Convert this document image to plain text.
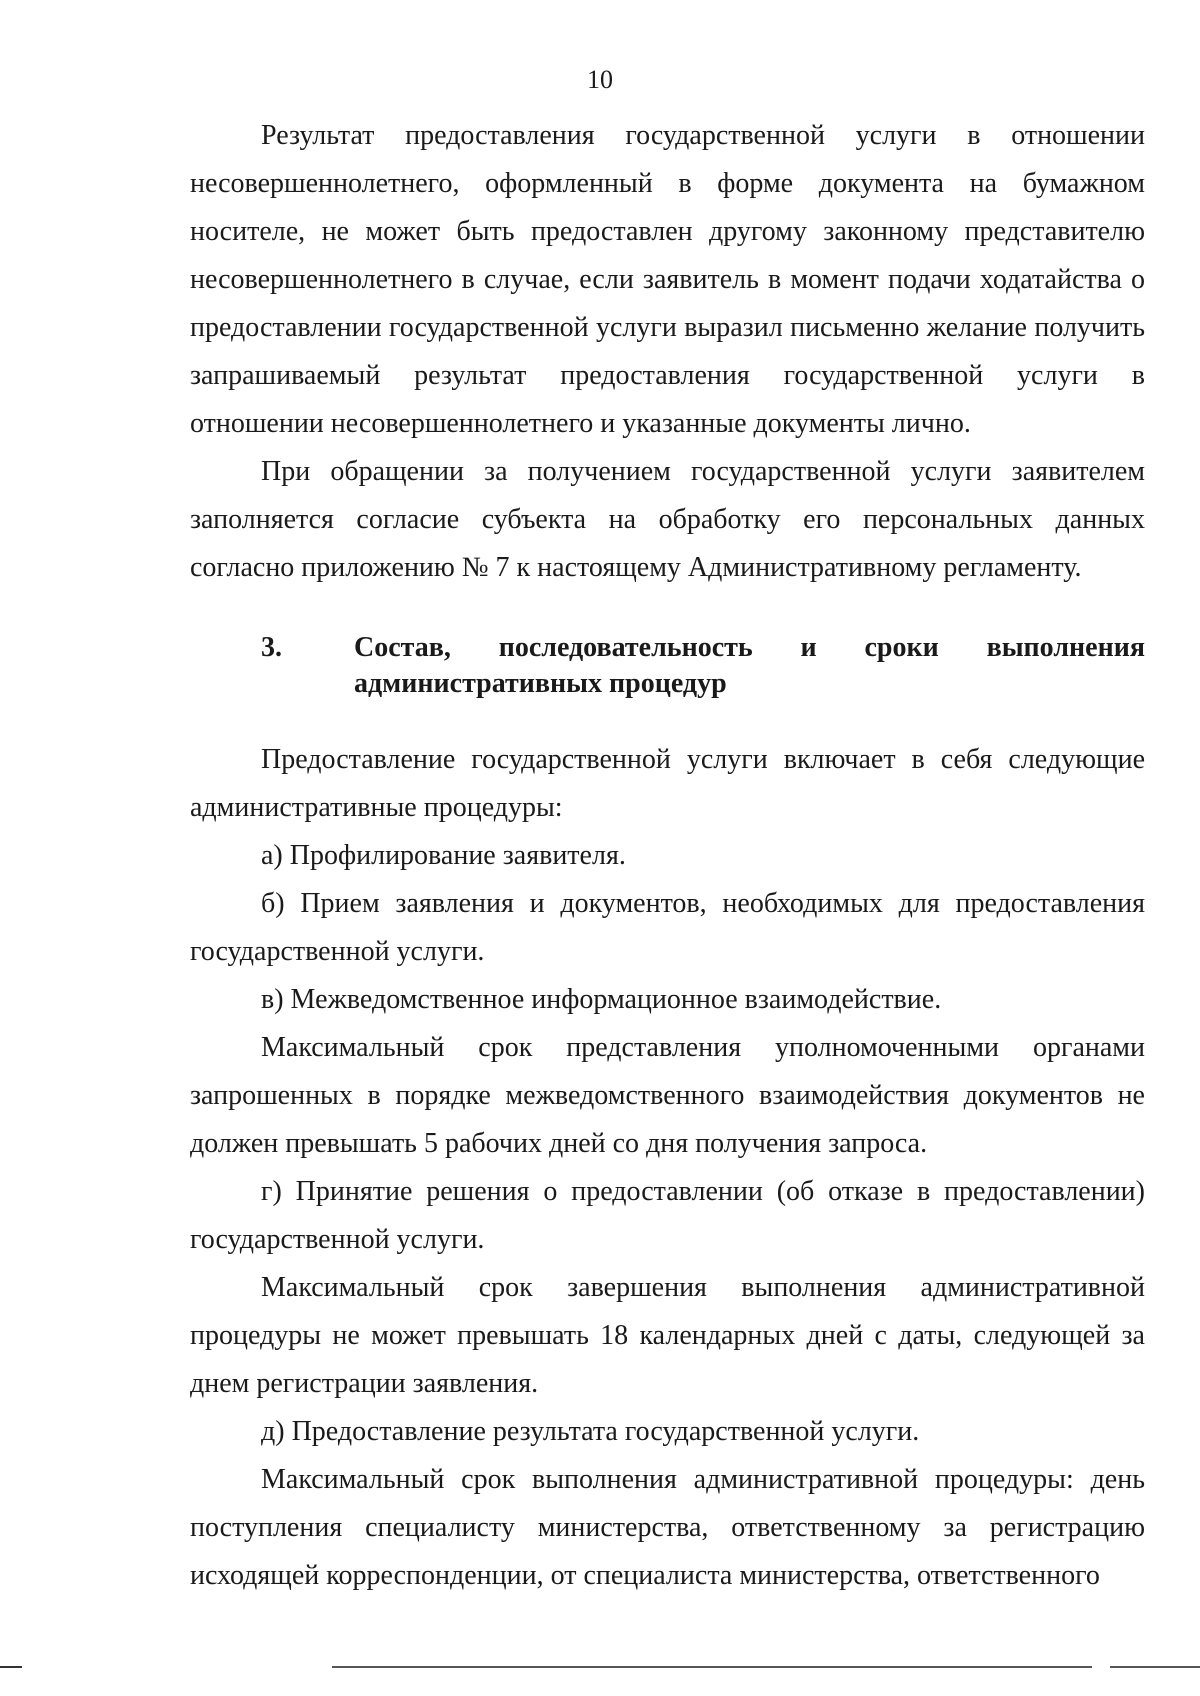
10

Результат предоставления государственной услуги в отношении несовершеннолетнего, оформленный в форме документа на бумажном носителе, не может быть предоставлен другому законному представителю несовершеннолетнего в случае, если заявитель в момент подачи ходатайства о предоставлении государственной услуги выразил письменно желание получить запрашиваемый результат предоставления государственной услуги в отношении несовершеннолетнего и указанные документы лично.

При обращении за получением государственной услуги заявителем заполняется согласие субъекта на обработку его персональных данных согласно приложению № 7 к настоящему Административному регламенту.

3.	Состав, последовательность и сроки выполнения административных процедур

Предоставление государственной услуги включает в себя следующие административные процедуры:

а) Профилирование заявителя.

б) Прием заявления и документов, необходимых для предоставления государственной услуги.

в) Межведомственное информационное взаимодействие.

Максимальный срок представления уполномоченными органами запрошенных в порядке межведомственного взаимодействия документов не должен превышать 5 рабочих дней со дня получения запроса.

г) Принятие решения о предоставлении (об отказе в предоставлении) государственной услуги.

Максимальный срок завершения выполнения административной процедуры не может превышать 18 календарных дней с даты, следующей за днем регистрации заявления.

д) Предоставление результата государственной услуги.

Максимальный срок выполнения административной процедуры: день поступления специалисту министерства, ответственному за регистрацию исходящей корреспонденции, от специалиста министерства, ответственного
